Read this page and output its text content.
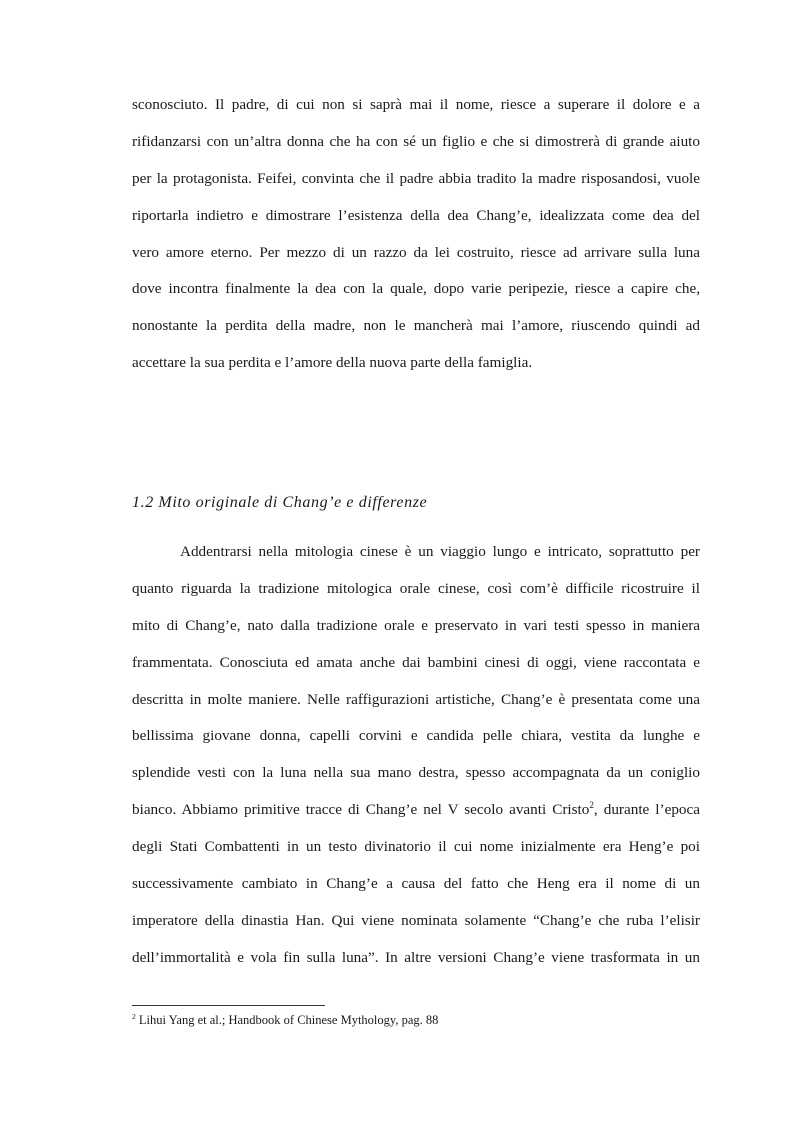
sconosciuto. Il padre, di cui non si saprà mai il nome, riesce a superare il dolore e a
rifidanzarsi con un’altra donna che ha con sé un figlio e che si dimostrerà di grande aiuto
per la protagonista. Feifei, convinta che il padre abbia tradito la madre risposandosi, vuole
riportarla indietro e dimostrare l’esistenza della dea Chang’e, idealizzata come dea del
vero amore eterno. Per mezzo di un razzo da lei costruito, riesce ad arrivare sulla luna
dove incontra finalmente la dea con la quale, dopo varie peripezie, riesce a capire che,
nonostante la perdita della madre, non le mancherà mai l’amore, riuscendo quindi ad
accettare la sua perdita e l’amore della nuova parte della famiglia.
1.2 Mito originale di Chang’e e differenze
Addentrarsi nella mitologia cinese è un viaggio lungo e intricato, soprattutto per
quanto riguarda la tradizione mitologica orale cinese, così com’è difficile ricostruire il
mito di Chang’e, nato dalla tradizione orale e preservato in vari testi spesso in maniera
frammentata. Conosciuta ed amata anche dai bambini cinesi di oggi, viene raccontata e
descritta in molte maniere. Nelle raffigurazioni artistiche, Chang’e è presentata come una
bellissima giovane donna, capelli corvini e candida pelle chiara, vestita da lunghe e
splendide vesti con la luna nella sua mano destra, spesso accompagnata da un coniglio
bianco. Abbiamo primitive tracce di Chang’e nel V secolo avanti Cristo$^2$, durante l’epoca
degli Stati Combattenti in un testo divinatorio il cui nome inizialmente era Heng’e poi
successivamente cambiato in Chang’e a causa del fatto che Heng era il nome di un
imperatore della dinastia Han. Qui viene nominata solamente “Chang’e che ruba l’elisir
dell’immortalità e vola fin sulla luna”. In altre versioni Chang’e viene trasformata in un
$^2$ Lihui Yang et al.; Handbook of Chinese Mythology, pag. 88
